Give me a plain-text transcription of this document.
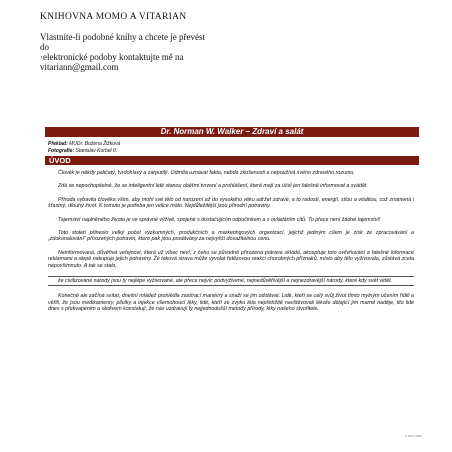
KNIHOVNA MOMO A VITARIAN
Vlastníte-li podobné knihy a chcete je převést
do
·elektronické podoby kontaktujte mě na
vitariann@gmail.com
Dr. Norman W. Walker – Zdraví a salát
Překlad: MUDr. Božena Žižková
Fotografie: Stanislav Korbel II.
ÚVOD

Člověk je někdy paličatý, tvrdohlavý a zarputilý. Odmítá uznávat fakta, nebdá zkušenosti a nepoužívá svého zdravého rozumu.

Zdá se nepochopitelné, že se inteligentní lidé stanou oběťmi tvrzení a prohlášení, která mají za účel jen falešně informovat a svádět.

Příroda vybavila člověka vším, aby mohl své tělo od narození až do vysokého věku udržet zdravé, a to radostí, energií, sílou a vitalitou, což znamená i šťastný, dlouhý život. K tomuto je potřeba jen velice málo. Nejdůležitější jsou přirodní potraviny.

Tajemství naplněného života je ve správné výživě, spojené s dostačujícím odpočinkem a s ovládáním citů. To přece není žádné tajemství!

Toto století přineslo velký počet výzkumných, produkčních a marketingových organizací, jejichž jediným cílem je zisk ze zpracovávání a „zdokonalování" přírozených potravin, které pak jsou prodávány za nejvyšší dosažitelnou cenu.

Neinformovaná, důvěřivá veřejnost, která už víbec neví, z čeho se původně přirozená potrava skládá, akceptuje toto ovlivňování a falešné informace reklamami a slepě nakupuje jejich potraviny. Že taková strava může vyvolat řetězovou reakci chorobných příznaků, místo aby tělo vyživovala, zůstává zcela nepovšimnuto. A tak se stalo,

že civilizované národy jsou ty nejlépe vyživované, ale přece nejvíc podvyživené, nejnedůvěřivější a nejnezdravější národy, které kdy svět viděl.

Konečně ale začíná svítat, dnešní mládež prohlédla zastírací manévry a snaží se jim odolávat. Lidé, kteří se celý svůj život tímto mylným učením řídili a věřili, že jsou medikamenty, pilulky a injekce všemohoucí léky, lidé, kteří ze zvyku léta nepřetržitě navštěvovali lékaře dělající jim marné naděje, tito lidé dnes s překvapením a obdivem konstatují, že nás uzdravují ty nejjednodušší metody přírody, léky našeho stvořitele.

© 2007 WBT
